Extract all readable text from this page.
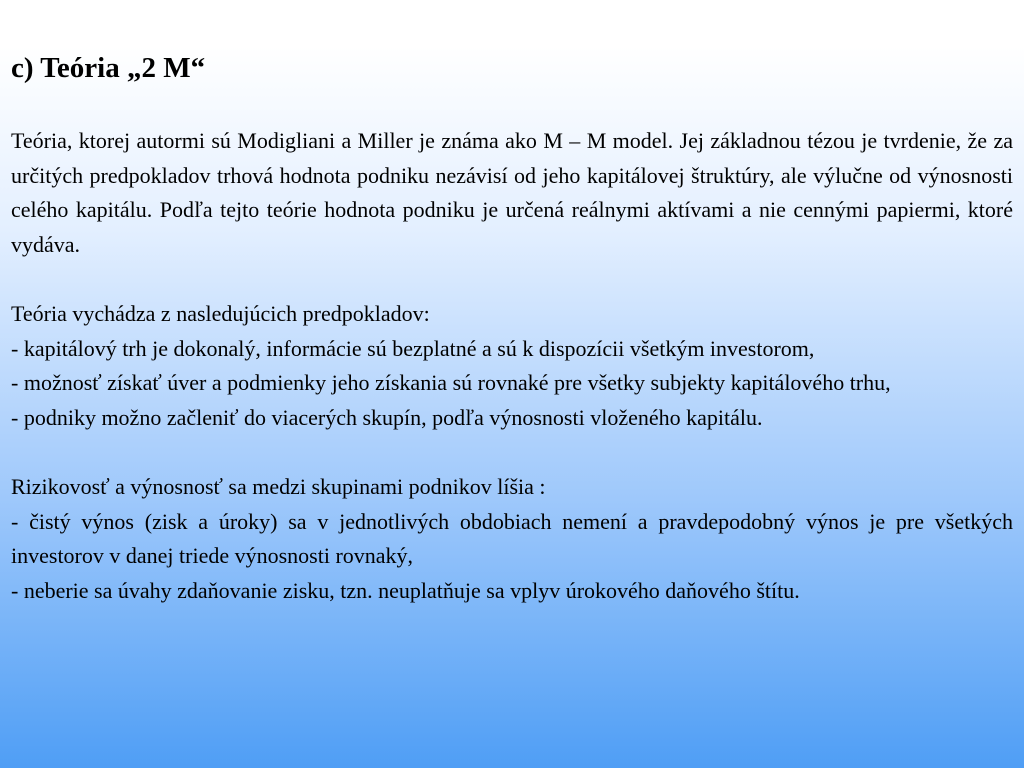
c) Teória „2 M“

Teória, ktorej autormi sú Modigliani a Miller je známa ako M – M model. Jej základnou tézou je tvrdenie, že za určitých predpokladov trhová hodnota podniku nezávisí od jeho kapitálovej štruktúry, ale výlučne od výnosnosti celého kapitálu. Podľa tejto teórie hodnota podniku je určená reálnymi aktívami a nie cennými papiermi, ktoré vydáva.

Teória vychádza z nasledujúcich predpokladov:

- kapitálový trh je dokonalý, informácie sú bezplatné a sú k dispozícii všetkým investorom,

- možnosť získať úver a podmienky jeho získania sú rovnaké pre všetky subjekty kapitálového trhu,

- podniky možno začleniť do viacerých skupín, podľa výnosnosti vloženého kapitálu.

Rizikovosť a výnosnosť sa medzi skupinami podnikov líšia :

- čistý výnos (zisk a úroky) sa v jednotlivých obdobiach nemení a pravdepodobný výnos je pre všetkých investorov v danej triede výnosnosti rovnaký,

- neberie sa úvahy zdaňovanie zisku, tzn. neuplatňuje sa vplyv úrokového daňového štítu.
